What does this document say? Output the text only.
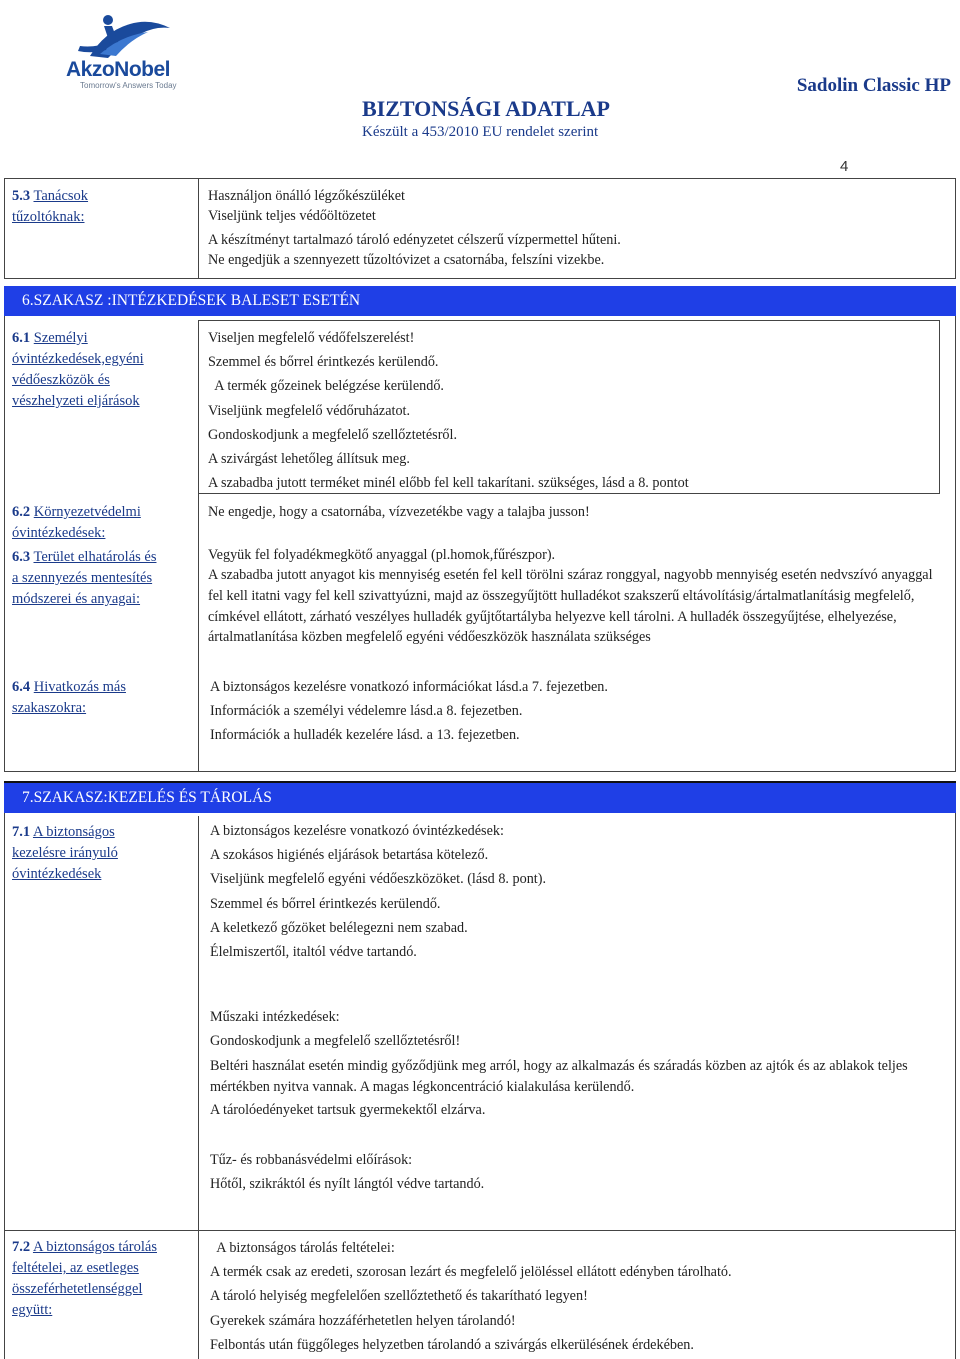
AkzoNobel
Tomorrow's Answers Today
BIZTONSÁGI ADATLAP
Készült a 453/2010 EU rendelet szerint
Sadolin Classic HP
4
5.3 Tanácsok
tűzoltóknak:
Használjon önálló légzőkészüléket
Viseljünk teljes védőöltözetet
A készítményt tartalmazó tároló edényzetet célszerű vízpermettel hűteni.
Ne engedjük a szennyezett tűzoltóvizet a csatornába, felszíni vizekbe.
6.SZAKASZ :INTÉZKEDÉSEK BALESET ESETÉN
6.1 Személyi
óvintézkedések,egyéni
védőeszközök és
vészhelyzeti eljárások
Viseljen megfelelő védőfelszerelést!
Szemmel és bőrrel érintkezés kerülendő.
A termék gőzeinek belégzése kerülendő.
Viseljünk megfelelő védőruházatot.
Gondoskodjunk a megfelelő szellőztetésről.
A szivárgást lehetőleg állítsuk meg.
A szabadba jutott terméket minél előbb fel kell takarítani. szükséges, lásd a 8. pontot
6.2 Környezetvédelmi
óvintézkedések:
Ne engedje, hogy a csatornába, vízvezetékbe vagy a talajba jusson!
6.3 Terület elhatárolás és
a szennyezés mentesítés
módszerei és anyagai:
Vegyük fel folyadékmegkötő anyaggal (pl.homok,fűrészpor).
A szabadba jutott anyagot kis mennyiség esetén fel kell törölni száraz ronggyal, nagyobb mennyiség esetén nedvszívó anyaggal fel kell itatni vagy fel kell szivattyúzni, majd az összegyűjtött hulladékot szakszerű eltávolításig/ártalmatlanításig megfelelő, címkével ellátott, zárható veszélyes hulladék gyűjtőtartályba helyezve kell tárolni. A hulladék összegyűjtése, elhelyezése, ártalmatlanítása közben megfelelő egyéni védőeszközök használata szükséges
6.4 Hivatkozás más
szakaszokra:
A biztonságos kezelésre vonatkozó információkat lásd.a 7. fejezetben.
Információk a személyi védelemre lásd.a 8. fejezetben.
Információk a hulladék kezelére lásd. a 13. fejezetben.
7.SZAKASZ:KEZELÉS ÉS TÁROLÁS
7.1 A biztonságos
kezelésre irányuló
óvintézkedések
A biztonságos kezelésre vonatkozó óvintézkedések:
A szokásos higiénés eljárások betartása kötelező.
Viseljünk megfelelő egyéni védőeszközöket. (lásd 8. pont).
Szemmel és bőrrel érintkezés kerülendő.
A keletkező gőzöket belélegezni nem szabad.
Élelmiszertől, italtól védve tartandó.
Műszaki intézkedések:
Gondoskodjunk a megfelelő szellőztetésről!
Beltéri használat esetén mindig győződjünk meg arról, hogy az alkalmazás és száradás közben az ajtók és az ablakok teljes mértékben nyitva vannak. A magas légkoncentráció kialakulása kerülendő.
A tárolóedényeket tartsuk gyermekektől elzárva.
Tűz- és robbanásvédelmi előírások:
Hőtől, szikráktól és nyílt lángtól védve tartandó.
7.2 A biztonságos tárolás
feltételei, az esetleges
összeférhetetlenséggel
együtt:
A biztonságos tárolás feltételei:
A termék csak az eredeti, szorosan lezárt és megfelelő jelöléssel ellátott edényben tárolható.
A tároló helyiség megfelelően szellőztethető és takarítható legyen!
Gyerekek számára hozzáférhetetlen helyen tárolandó!
Felbontás után függőleges helyzetben tárolandó a szivárgás elkerülésének érdekében.
